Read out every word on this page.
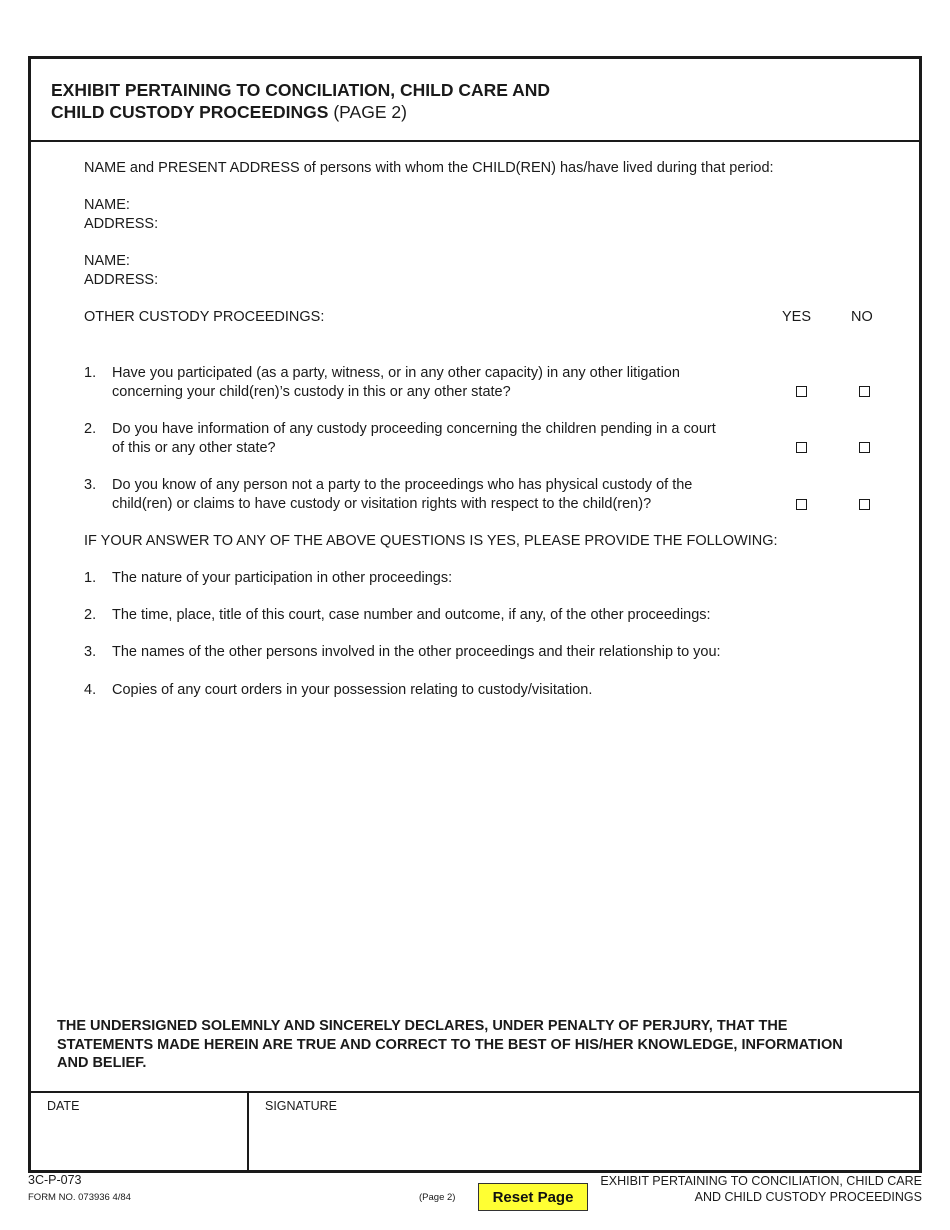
EXHIBIT PERTAINING TO CONCILIATION, CHILD CARE AND
CHILD CUSTODY PROCEEDINGS (PAGE 2)
NAME and PRESENT ADDRESS of persons with whom the CHILD(REN) has/have lived during that period:
NAME:
ADDRESS:
NAME:
ADDRESS:
OTHER CUSTODY PROCEEDINGS:	YES	NO
1. Have you participated (as a party, witness, or in any other capacity) in any other litigation
concerning your child(ren)’s custody in this or any other state?
2. Do you have information of any custody proceeding concerning the children pending in a court
of this or any other state?
3. Do you know of any person not a party to the proceedings who has physical custody of the
child(ren) or claims to have custody or visitation rights with respect to the child(ren)?
IF YOUR ANSWER TO ANY OF THE ABOVE QUESTIONS IS YES, PLEASE PROVIDE THE FOLLOWING:
1. The nature of your participation in other proceedings:
2. The time, place, title of this court, case number and outcome, if any, of the other proceedings:
3. The names of the other persons involved in the other proceedings and their relationship to you:
4. Copies of any court orders in your possession relating to custody/visitation.
THE UNDERSIGNED SOLEMNLY AND SINCERELY DECLARES, UNDER PENALTY OF PERJURY, THAT THE STATEMENTS MADE HEREIN ARE TRUE AND CORRECT TO THE BEST OF HIS/HER KNOWLEDGE, INFORMATION AND BELIEF.
DATE	SIGNATURE
3C-P-073
FORM NO. 073936 4/84	(Page 2)	Reset Page
EXHIBIT PERTAINING TO CONCILIATION, CHILD CARE
AND CHILD CUSTODY PROCEEDINGS
